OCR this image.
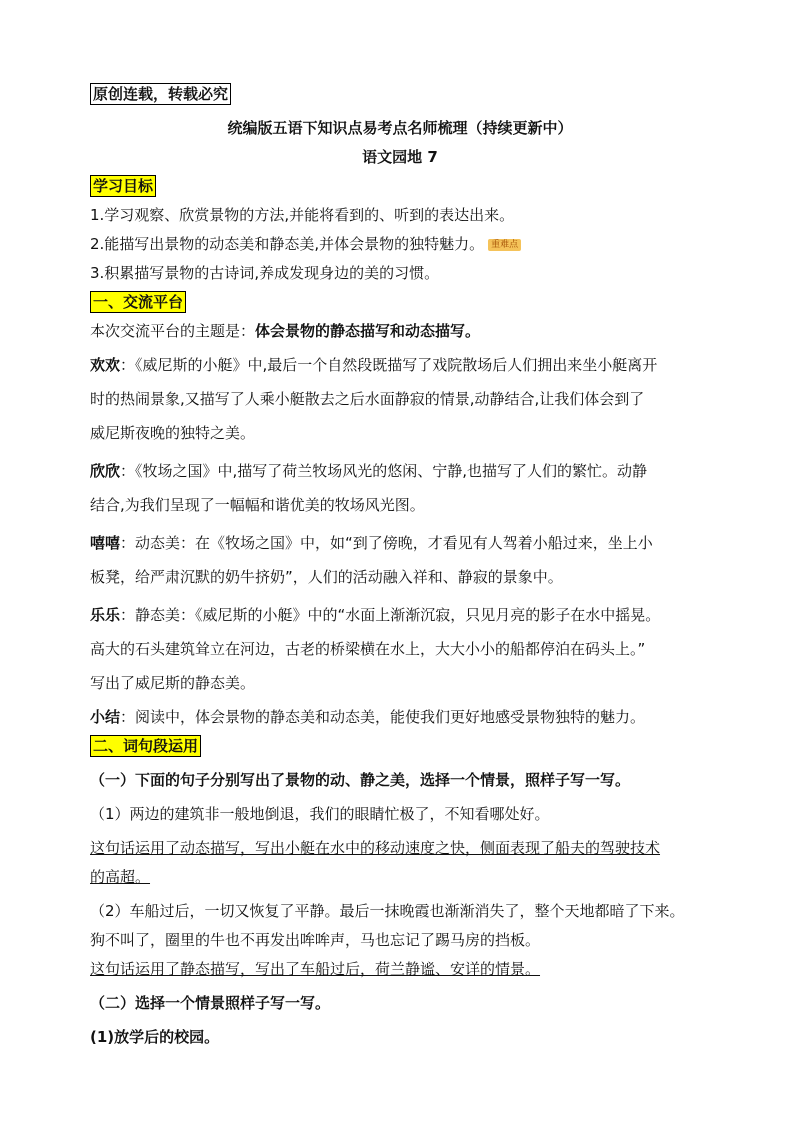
原创连载，转载必究
统编版五语下知识点易考点名师梳理（持续更新中）
语文园地 7
学习目标
1.学习观察、欣赏景物的方法,并能将看到的、听到的表达出来。
2.能描写出景物的动态美和静态美,并体会景物的独特魅力。 重难点
3.积累描写景物的古诗词,养成发现身边的美的习惯。
一、交流平台
本次交流平台的主题是：体会景物的静态描写和动态描写。
欢欢：《威尼斯的小艇》中,最后一个自然段既描写了戏院散场后人们拥出来坐小艇离开
时的热闹景象,又描写了人乘小艇散去之后水面静寂的情景,动静结合,让我们体会到了
威尼斯夜晚的独特之美。
欣欣：《牧场之国》中,描写了荷兰牧场风光的悠闲、宁静,也描写了人们的繁忙。动静
结合,为我们呈现了一幅幅和谐优美的牧场风光图。
嘻嘻：动态美：在《牧场之国》中，如“到了傍晚，才看见有人驾着小船过来，坐上小
板凳，给严肃沉默的奶牛挤奶”，人们的活动融入祥和、静寂的景象中。
乐乐：静态美：《威尼斯的小艇》中的“水面上渐渐沉寂，只见月亮的影子在水中摇晃。
高大的石头建筑耸立在河边，古老的桥梁横在水上，大大小小的船都停泊在码头上。”
写出了威尼斯的静态美。
小结：阅读中，体会景物的静态美和动态美，能使我们更好地感受景物独特的魅力。
二、词句段运用
（一）下面的句子分别写出了景物的动、静之美，选择一个情景，照样子写一写。
（1）两边的建筑非一般地倒退，我们的眼睛忙极了，不知看哪处好。
这句话运用了动态描写，写出小艇在水中的移动速度之快，侧面表现了船夫的驾驶技术
的高超。
（2）车船过后，一切又恢复了平静。最后一抹晚霞也渐渐消失了，整个天地都暗了下来。
狗不叫了，圈里的牛也不再发出哞哞声，马也忘记了踢马房的挡板。
这句话运用了静态描写，写出了车船过后，荷兰静谧、安详的情景。
（二）选择一个情景照样子写一写。
(1)放学后的校园。
